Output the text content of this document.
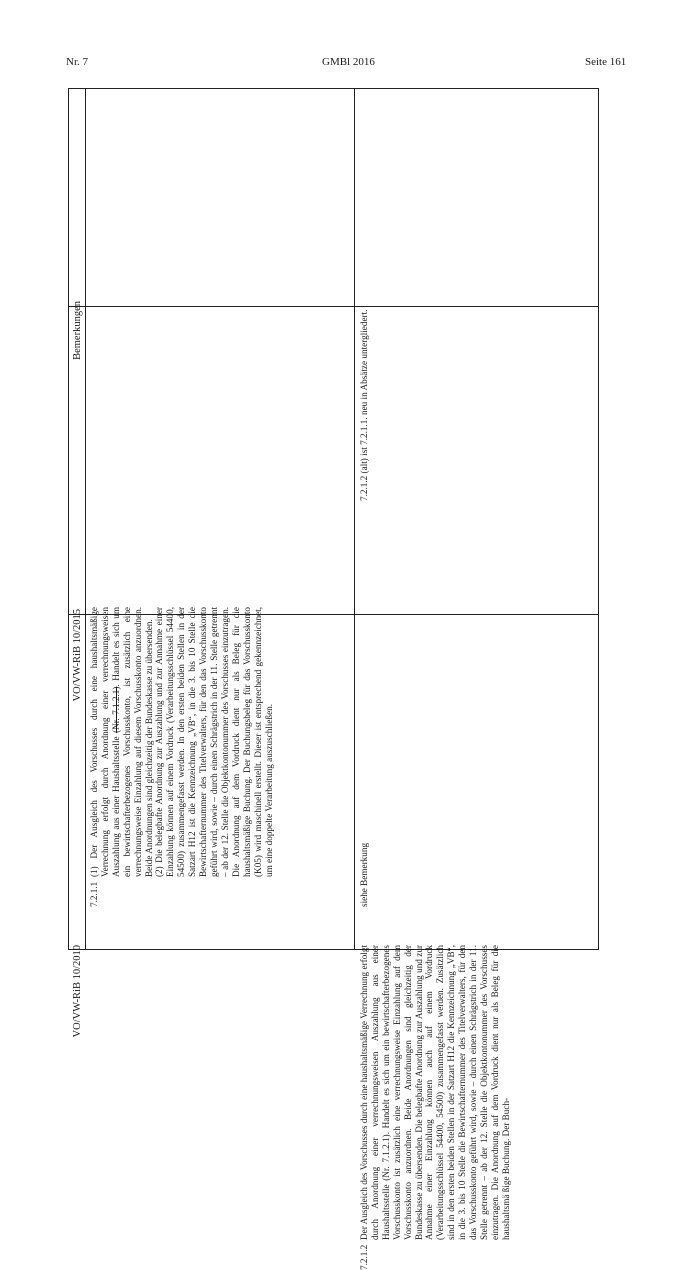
Nr. 7	GMBl 2016	Seite 161
VO/VW-RiB 10/2010
VO/VW-RiB 10/2015
Bemerkungen
7.2.1.1
(1) Der Ausgleich des Vorschusses durch eine haushaltsmäßige Verrechnung erfolgt durch Anordnung einer verrechnungsweisen Auszahlung aus einer Haushaltsstelle (Nr. 7.1.2.1). Handelt es sich um ein bewirtschafterbezogenes Vorschusskonto, ist zusätzlich eine verrechnungsweise Einzahlung auf diesem Vorschusskonto anzuordnen. Beide Anordnungen sind gleichzeitig der Bundeskasse zu übersenden. (2) Die belegbafte Anordnung zur Auszahlung und zur Annahme einer Einzahlung können auf einem Vordruck (Verarbeitungsschlüssel 54400, 54500) zusammengefasst werden. In den ersten beiden Stellen in der Satzart H12 ist die Kennzeichnung „VB“, in die 3. bis 10 Stelle die Bewirtschafternummer des Titelverwalters, für den das Vorschusskonto geführt wird, sowie – durch einen Schrägstrich in der 11. Stelle getrennt – ab der 12. Stelle die Objektkontonummer des Vorschusses einzutragen. Die Anordnung auf dem Vordruck dient nur als Beleg für die haushaltsmäßige Buchung. Der Buchungsbeleg für das Vorschusskonto (K05) wird maschinell erstellt. Dieser ist entsprechend gekennzeichnet, um eine doppelte Verarbeitung auszuschließen.
7.2.1.2
Der Ausgleich des Vorschusses durch eine haushaltsmäßige Verrechnung erfolgt durch Anordnung einer verrechnungsweisen Auszahlung aus einer Haushaltsstelle (Nr. 7.1.2.1). Handelt es sich um ein bewirtschafterbezogenes Vorschusskonto ist zusätzlich eine verrechnungsweise Einzahlung auf dem Vorschusskonto anzuordnen. Beide Anordnungen sind gleichzeitig der Bundeskasse zu übersenden. Die belegbafte Anordnung zur Auszahlung und zur Annahme einer Einzahlung können auch auf einem Vordruck (Verarbeitungsschlüssel 54400, 54500) zusammengefasst werden. Zusätzlich sind in den ersten beiden Stellen in der Satzart H12 die Kennzeichnung „VB“, in die 3. bis 10 Stelle die Bewirtschafternummer des Titelverwalters, für den das Vorschusskonto geführt wird, sowie – durch einen Schrägstrich in der 11. Stelle getrennt – ab der 12. Stelle die Objektkontonummer des Vorschusses einzutragen. Die Anordnung auf dem Vordruck dient nur als Beleg für die haushaltsmä ßige Buchung. Der Buch-
siehe Bemerkung
7.2.1.2 (alt) ist 7.2.1.1. neu in Absätze untergliedert.
